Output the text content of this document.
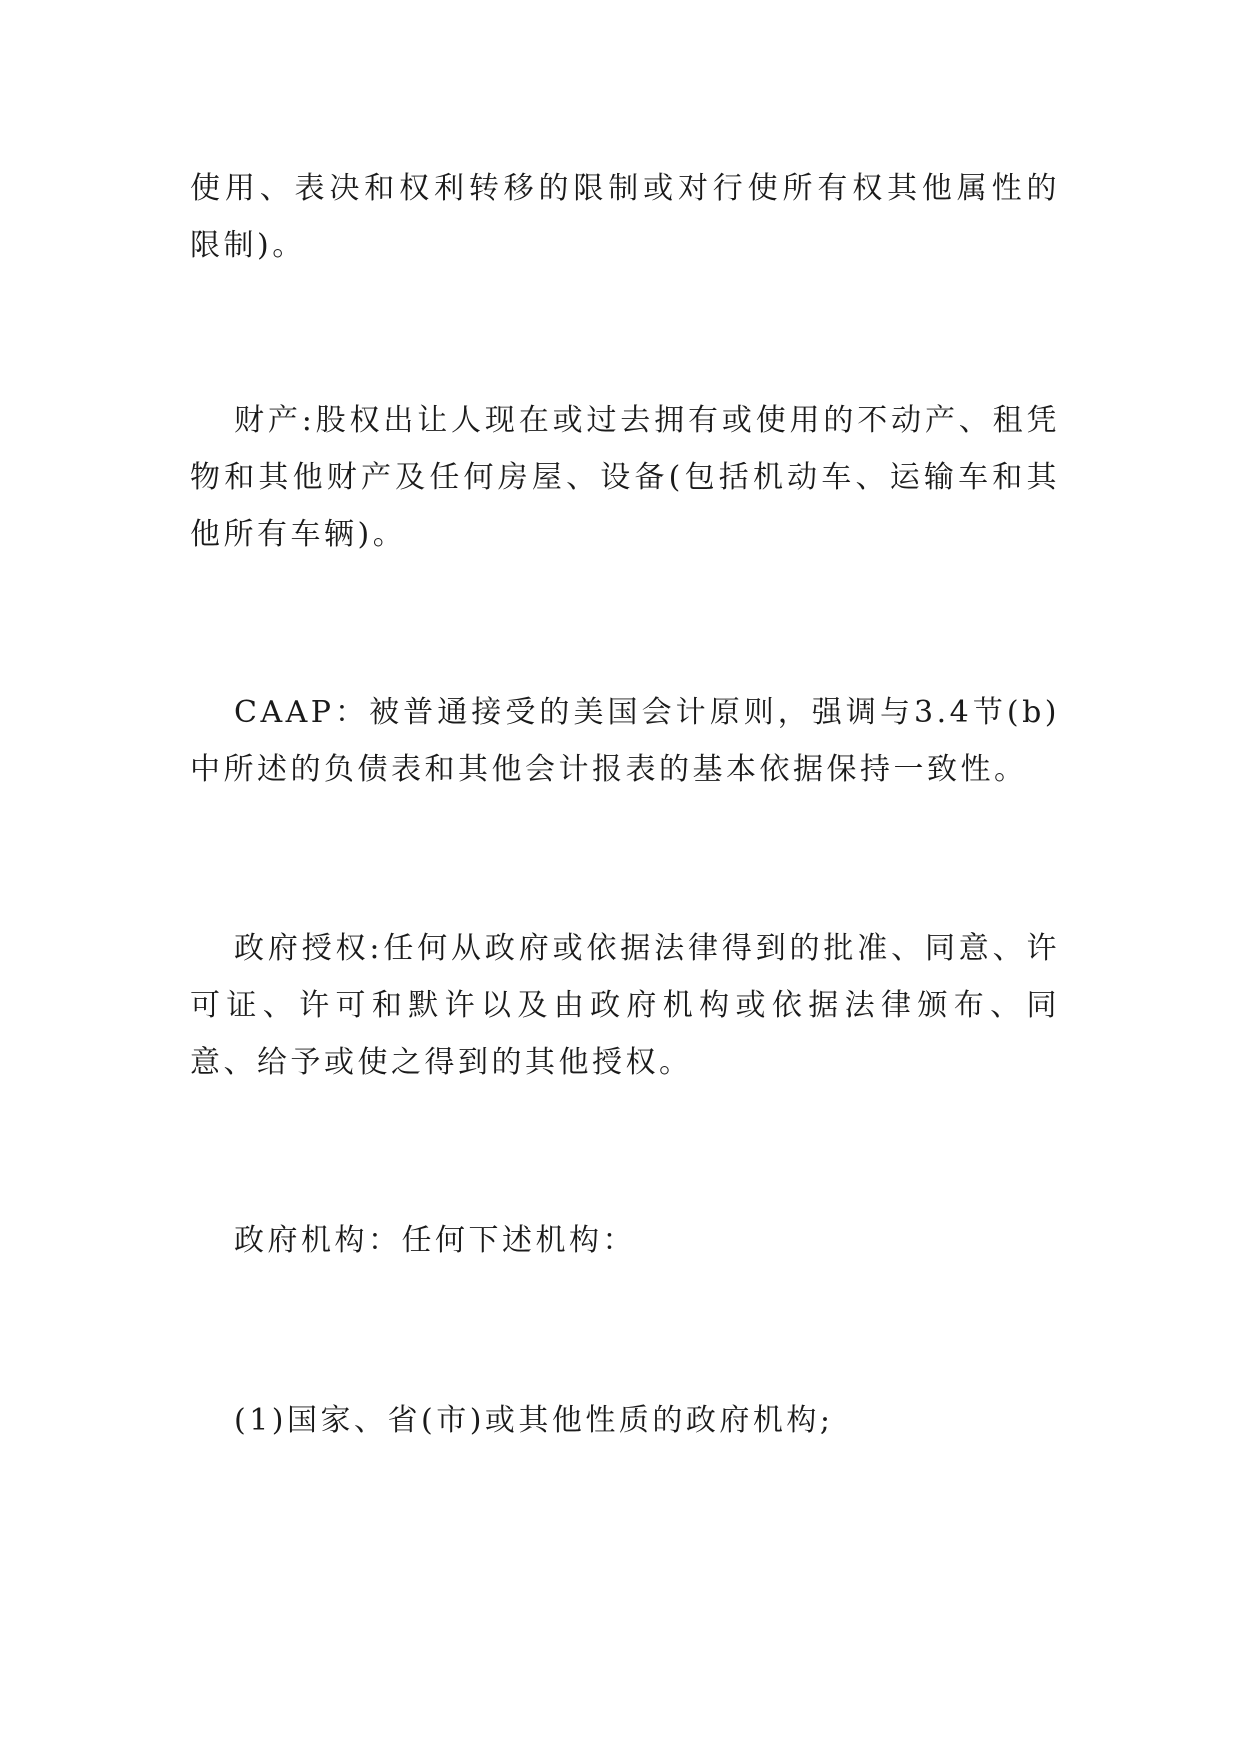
使用、表决和权利转移的限制或对行使所有权其他属性的限制)。

财产:股权出让人现在或过去拥有或使用的不动产、租凭物和其他财产及任何房屋、设备(包括机动车、运输车和其他所有车辆)。

CAAP：被普通接受的美国会计原则，强调与3.4节(b)中所述的负债表和其他会计报表的基本依据保持一致性。

政府授权:任何从政府或依据法律得到的批准、同意、许可证、许可和默许以及由政府机构或依据法律颁布、同意、给予或使之得到的其他授权。

政府机构：任何下述机构：

(1)国家、省(市)或其他性质的政府机构;
